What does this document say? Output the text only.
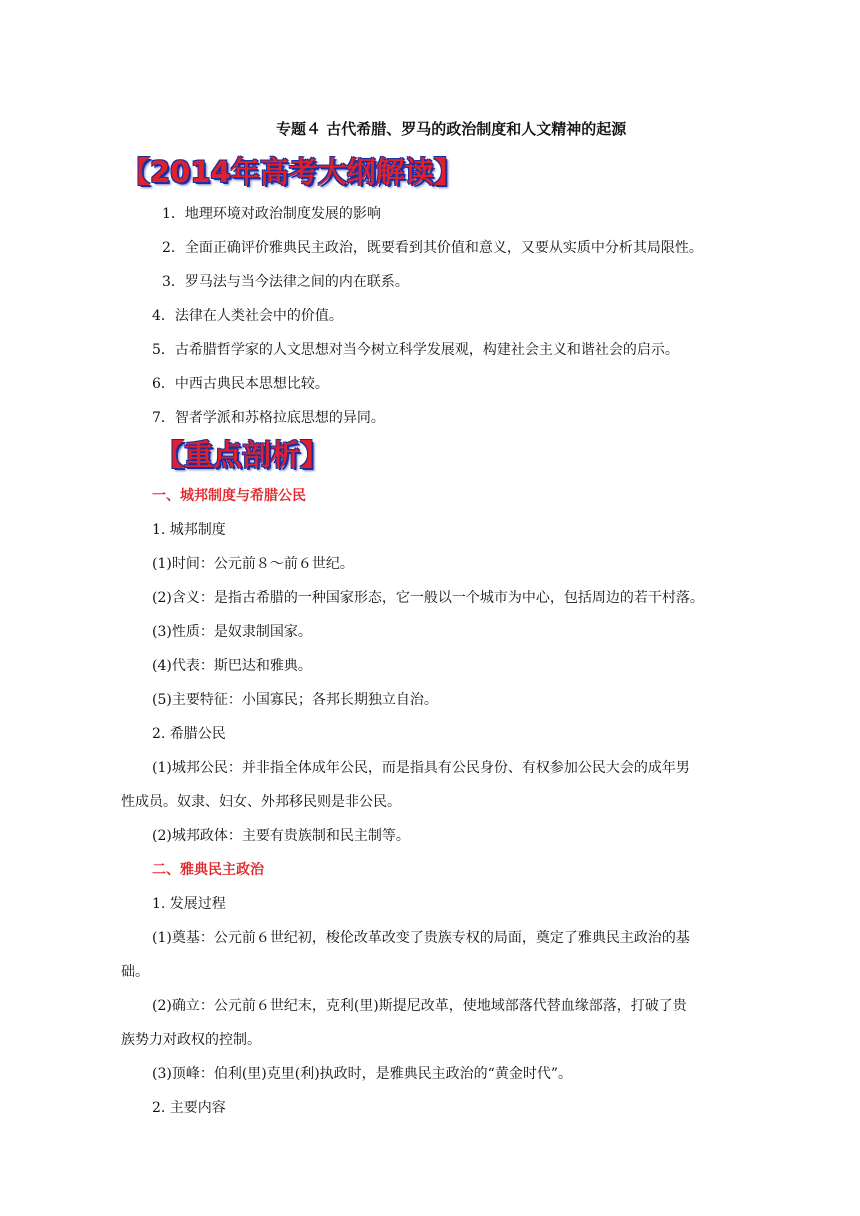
专题４ 古代希腊、罗马的政治制度和人文精神的起源
【2014年高考大纲解读】
1．地理环境对政治制度发展的影响
2．全面正确评价雅典民主政治，既要看到其价值和意义，又要从实质中分析其局限性。
3．罗马法与当今法律之间的内在联系。
4．法律在人类社会中的价值。
5．古希腊哲学家的人文思想对当今树立科学发展观，构建社会主义和谐社会的启示。
6．中西古典民本思想比较。
7．智者学派和苏格拉底思想的异同。
【重点剖析】
一、城邦制度与希腊公民
1. 城邦制度
(1)时间：公元前８～前６世纪。
(2)含义：是指古希腊的一种国家形态，它一般以一个城市为中心，包括周边的若干村落。
(3)性质：是奴隶制国家。
(4)代表：斯巴达和雅典。
(5)主要特征：小国寡民；各邦长期独立自治。
2. 希腊公民
(1)城邦公民：并非指全体成年公民，而是指具有公民身份、有权参加公民大会的成年男
性成员。奴隶、妇女、外邦移民则是非公民。
(2)城邦政体：主要有贵族制和民主制等。
二、雅典民主政治
1. 发展过程
(1)奠基：公元前６世纪初，梭伦改革改变了贵族专权的局面，奠定了雅典民主政治的基
础。
(2)确立：公元前６世纪末，克利(里)斯提尼改革，使地域部落代替血缘部落，打破了贵
族势力对政权的控制。
(3)顶峰：伯利(里)克里(利)执政时，是雅典民主政治的“黄金时代”。
2. 主要内容
